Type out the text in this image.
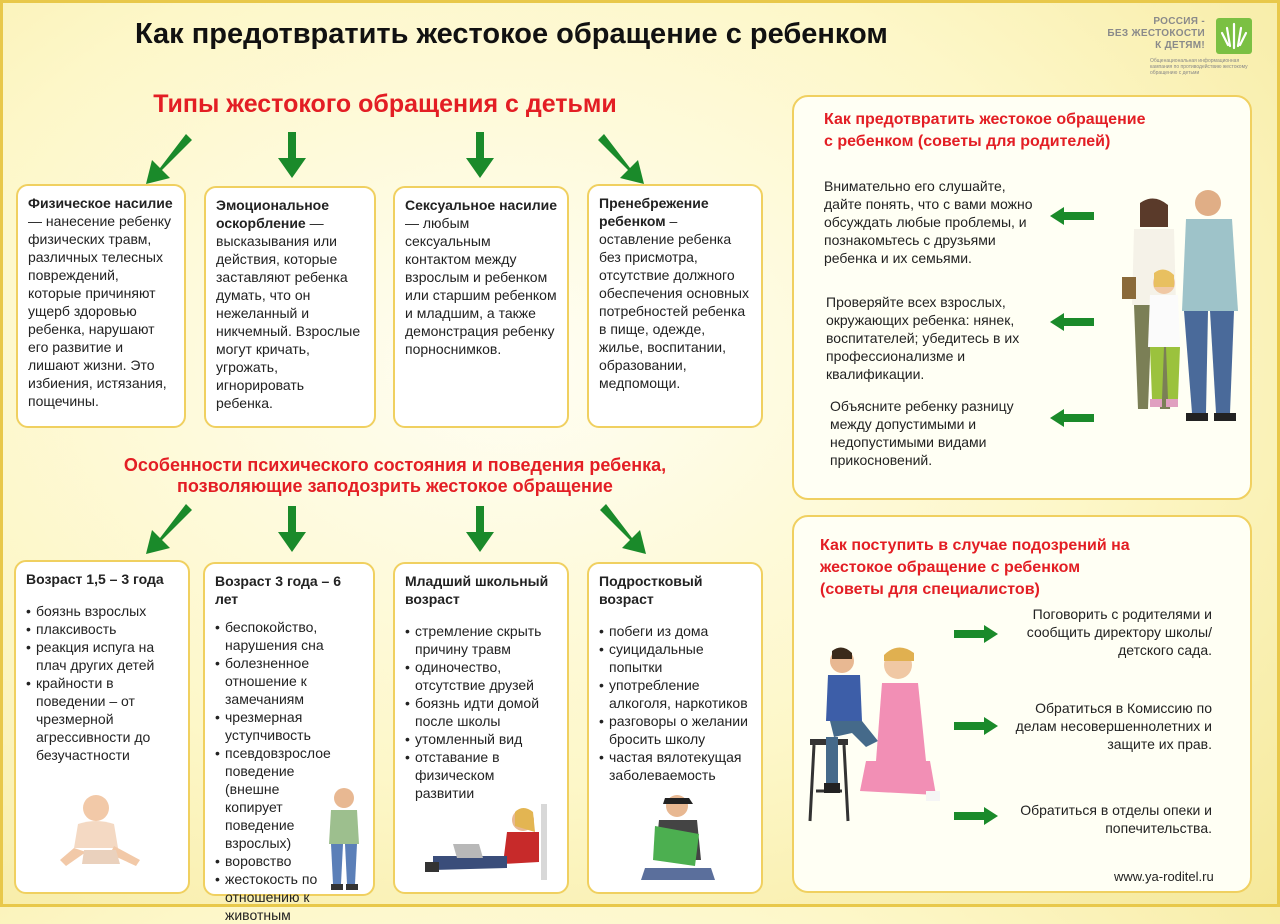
Как предотвратить жестокое обращение с ребенком	РОССИЯ -
БЕЗ ЖЕСТОКОСТИ
К ДЕТЯМ!
Общенациональная информационная кампания по противодействию жестокому обращению с детьми
Типы жестокого обращения с детьми
Физическое насилие — нанесение ребенку физических травм, различных телесных повреждений, которые причиняют ущерб здоровью ребенка, нарушают его развитие и лишают жизни. Это избиения, истязания, пощечины.
Эмоциональное оскорбление — высказывания или действия, которые заставляют ребенка думать, что он нежеланный и никчемный. Взрослые могут кричать, угрожать, игнорировать ребенка.
Сексуальное насилие — любым сексуальным контактом между взрослым и ребенком или старшим ребенком и младшим, а также демонстрация ребенку порноснимков.
Пренебрежение ребенком – оставление ребенка без присмотра, отсутствие должного обеспечения основных потребностей ребенка в пище, одежде, жилье, воспитании, образовании, медпомощи.
Особенности психического состояния и поведения ребенка,
позволяющие заподозрить жестокое обращение
Возраст 1,5 – 3 года
• боязнь взрослых
• плаксивость
• реакция испуга на плач других детей
• крайности в поведении – от чрезмерной агрессивности до безучастности
Возраст 3 года – 6 лет
• беспокойство, нарушения сна
• болезненное отношение к замечаниям
• чрезмерная уступчивость
• псевдовзрослое поведение (внешне копирует поведение взрослых)
• воровство
• жестокость по отношению к животным
Младший школьный возраст
• стремление скрыть причину травм
• одиночество, отсутствие друзей
• боязнь идти домой после школы
• утомленный вид
• отставание в физическом развитии
Подростковый возраст
• побеги из дома
• суицидальные попытки
• употребление алкоголя, наркотиков
• разговоры о желании бросить школу
• частая вялотекущая заболеваемость
Как предотвратить жестокое обращение
с ребенком (советы для родителей)
Внимательно его слушайте, дайте понять, что с вами можно обсуждать любые проблемы, и познакомьтесь с друзьями ребенка и их семьями.
Проверяйте всех взрослых, окружающих ребенка: нянек, воспитателей; убедитесь в их профессионализме и квалификации.
Объясните ребенку разницу между допустимыми и недопустимыми видами прикосновений.
Как поступить в случае подозрений на
жестокое обращение с ребенком
(советы для специалистов)
Поговорить с родителями и сообщить директору школы/детского сада.
Обратиться в Комиссию по делам несовершеннолетних и защите их прав.
Обратиться в отделы опеки и попечительства.
www.ya-roditel.ru
